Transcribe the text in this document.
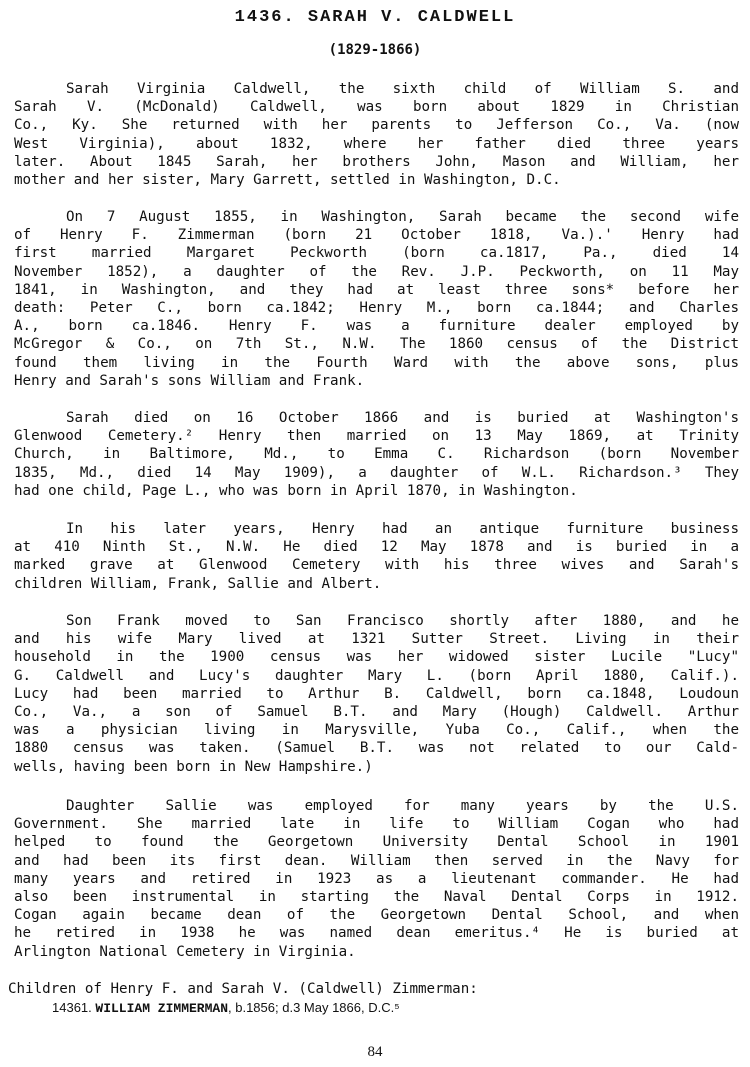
1436. SARAH V. CALDWELL

(1829-1866)

Sarah Virginia Caldwell, the sixth child of William S. and
Sarah V. (McDonald) Caldwell, was born about 1829 in Christian
Co., Ky. She returned with her parents to Jefferson Co., Va. (now
West Virginia), about 1832, where her father died three years
later. About 1845 Sarah, her brothers John, Mason and William, her
mother and her sister, Mary Garrett, settled in Washington, D.C.
On 7 August 1855, in Washington, Sarah became the second wife
of Henry F. Zimmerman (born 21 October 1818, Va.).' Henry had
first married Margaret Peckworth (born ca.1817, Pa., died 14
November 1852), a daughter of the Rev. J.P. Peckworth, on 11 May
1841, in Washington, and they had at least three sons* before her
death: Peter C., born ca.1842; Henry M., born ca.1844; and Charles
A., born ca.1846. Henry F. was a furniture dealer employed by
McGregor & Co., on 7th St., N.W. The 1860 census of the District
found them living in the Fourth Ward with the above sons, plus
Henry and Sarah's sons William and Frank.
Sarah died on 16 October 1866 and is buried at Washington's
Glenwood Cemetery.² Henry then married on 13 May 1869, at Trinity
Church, in Baltimore, Md., to Emma C. Richardson (born November
1835, Md., died 14 May 1909), a daughter of W.L. Richardson.³ They
had one child, Page L., who was born in April 1870, in Washington.
In his later years, Henry had an antique furniture business
at 410 Ninth St., N.W. He died 12 May 1878 and is buried in a
marked grave at Glenwood Cemetery with his three wives and Sarah's
children William, Frank, Sallie and Albert.
Son Frank moved to San Francisco shortly after 1880, and he
and his wife Mary lived at 1321 Sutter Street. Living in their
household in the 1900 census was her widowed sister Lucile "Lucy"
G. Caldwell and Lucy's daughter Mary L. (born April 1880, Calif.).
Lucy had been married to Arthur B. Caldwell, born ca.1848, Loudoun
Co., Va., a son of Samuel B.T. and Mary (Hough) Caldwell. Arthur
was a physician living in Marysville, Yuba Co., Calif., when the
1880 census was taken. (Samuel B.T. was not related to our Cald-
wells, having been born in New Hampshire.)
Daughter Sallie was employed for many years by the U.S.
Government. She married late in life to William Cogan who had
helped to found the Georgetown University Dental School in 1901
and had been its first dean. William then served in the Navy for
many years and retired in 1923 as a lieutenant commander. He had
also been instrumental in starting the Naval Dental Corps in 1912.
Cogan again became dean of the Georgetown Dental School, and when
he retired in 1938 he was named dean emeritus.⁴ He is buried at
Arlington National Cemetery in Virginia.

Children of Henry F. and Sarah V. (Caldwell) Zimmerman:

14361. WILLIAM ZIMMERMAN, b.1856; d.3 May 1866, D.C.⁵

84
